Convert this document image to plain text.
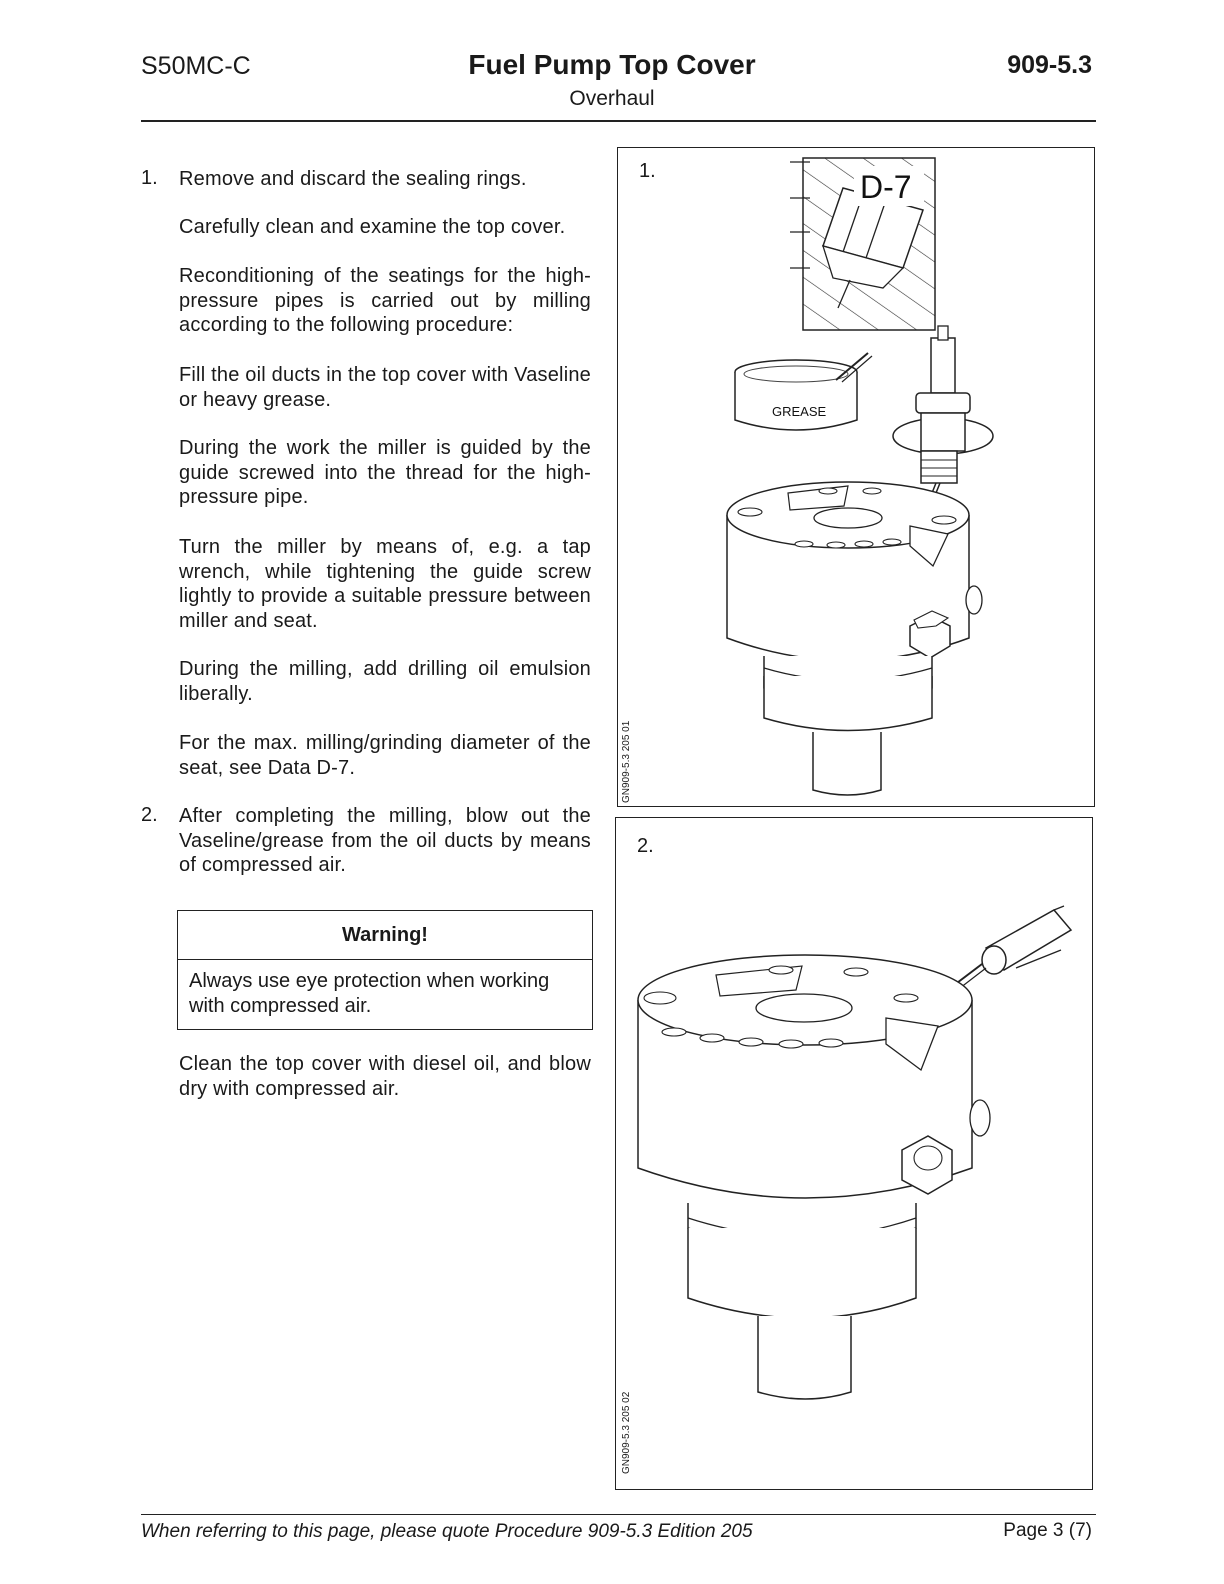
S50MC-C	Fuel Pump Top Cover
Overhaul
909-5.3
1. Remove and discard the sealing rings.
Carefully clean and examine the top cover.
Reconditioning of the seatings for the high-pressure pipes is carried out by milling according to the following procedure:
Fill the oil ducts in the top cover with Vaseline or heavy grease.
During the work the miller is guided by the guide screwed into the thread for the high-pressure pipe.
Turn the miller by means of, e.g. a tap wrench, while tightening the guide screw lightly to provide a suitable pressure between miller and seat.
During the milling, add drilling oil emulsion liberally.
For the max. milling/grinding diameter of the seat, see Data D-7.
2. After completing the milling, blow out the Vaseline/grease from the oil ducts by means of compressed air.
Warning!
Always use eye protection when working with compressed air.
Clean the top cover with diesel oil, and blow dry with compressed air.
1.
GN909-5.3 205 01
D-7
GREASE
2.
GN909-5.3 205 02
When referring to this page, please quote Procedure 909-5.3 Edition 205	Page 3 (7)
